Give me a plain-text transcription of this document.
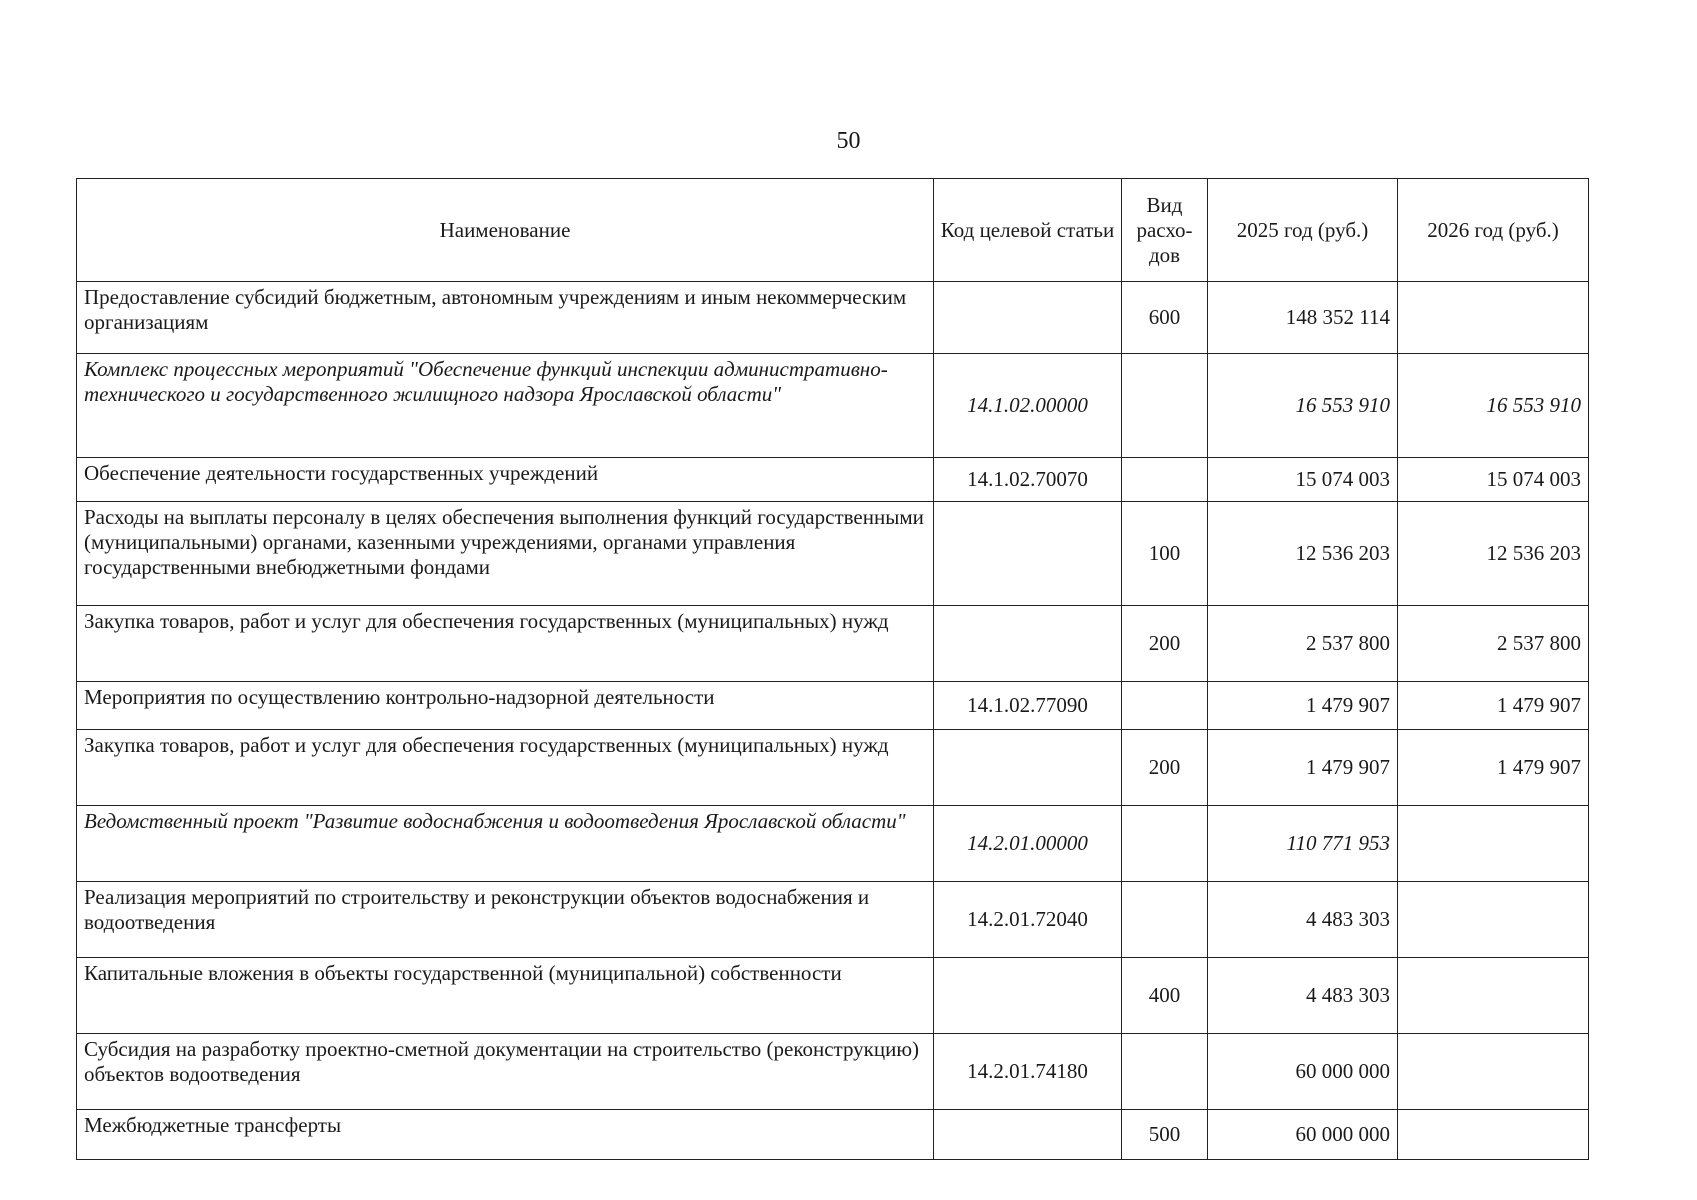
50
Наименование	Код целевой статьи	Вид расхо-дов	2025 год (руб.)	2026 год (руб.)
Предоставление субсидий бюджетным, автономным учреждениям и иным некоммерческим организациям		600	148 352 114	
Комплекс процессных мероприятий "Обеспечение функций инспекции административно-технического и государственного жилищного надзора Ярославской области"	14.1.02.00000		16 553 910	16 553 910
Обеспечение деятельности государственных учреждений	14.1.02.70070		15 074 003	15 074 003
Расходы на выплаты персоналу в целях обеспечения выполнения функций государственными (муниципальными) органами, казенными учреждениями, органами управления государственными внебюджетными фондами		100	12 536 203	12 536 203
Закупка товаров, работ и услуг для обеспечения государственных (муниципальных) нужд		200	2 537 800	2 537 800
Мероприятия по осуществлению контрольно-надзорной деятельности	14.1.02.77090		1 479 907	1 479 907
Закупка товаров, работ и услуг для обеспечения государственных (муниципальных) нужд		200	1 479 907	1 479 907
Ведомственный проект "Развитие водоснабжения и водоотведения Ярославской области"	14.2.01.00000		110 771 953	
Реализация мероприятий по строительству и реконструкции объектов водоснабжения и водоотведения	14.2.01.72040		4 483 303	
Капитальные вложения в объекты государственной (муниципальной) собственности		400	4 483 303	
Субсидия на разработку проектно-сметной документации на строительство (реконструкцию) объектов водоотведения	14.2.01.74180		60 000 000	
Межбюджетные трансферты		500	60 000 000	
